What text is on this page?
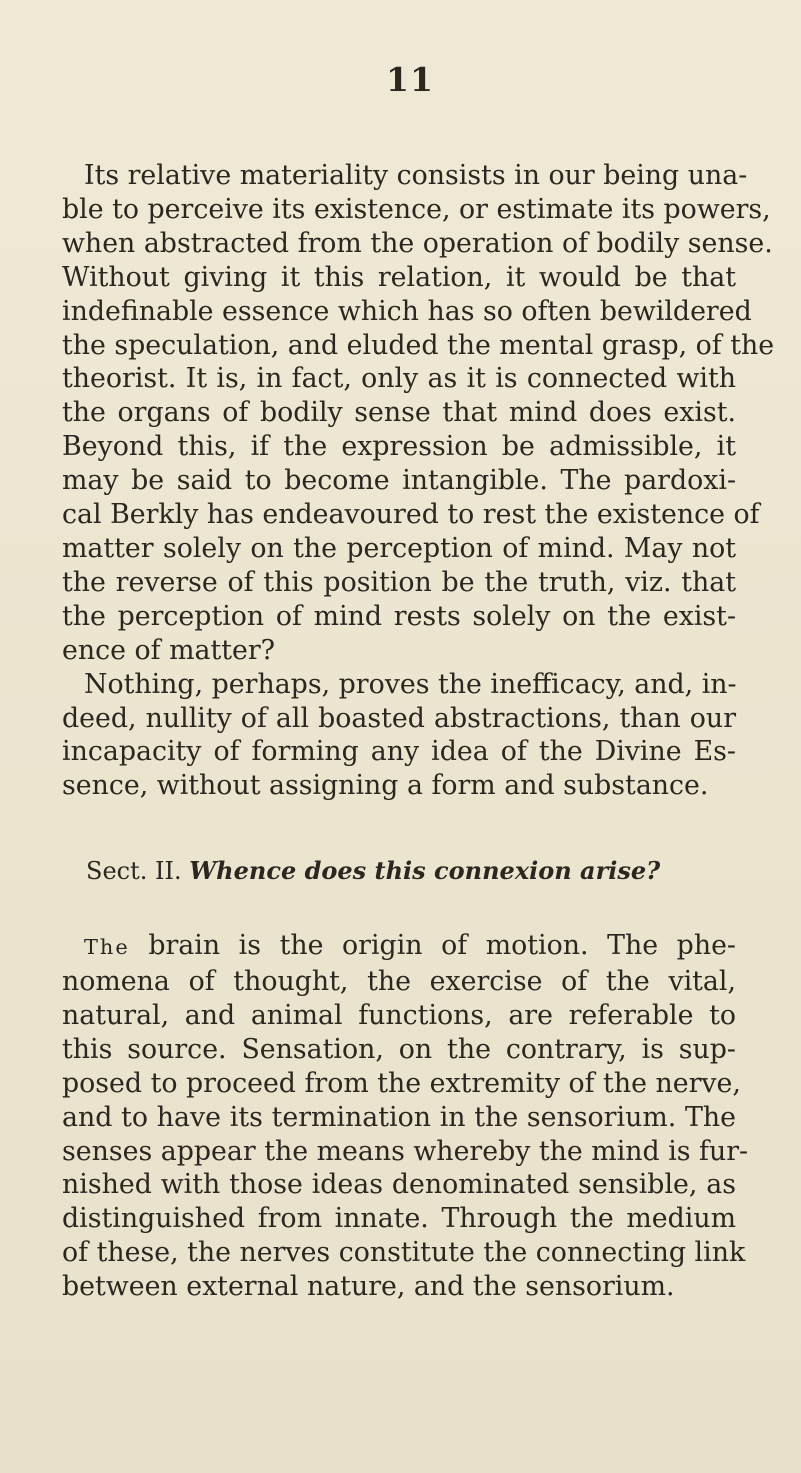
11
Its relative materiality consists in our being una-
ble to perceive its existence, or estimate its powers,
when abstracted from the operation of bodily sense.
Without giving it this relation, it would be that
indefinable essence which has so often bewildered
the speculation, and eluded the mental grasp, of the
theorist. It is, in fact, only as it is connected with
the organs of bodily sense that mind does exist.
Beyond this, if the expression be admissible, it
may be said to become intangible. The pardoxi-
cal Berkly has endeavoured to rest the existence of
matter solely on the perception of mind. May not
the reverse of this position be the truth, viz. that
the perception of mind rests solely on the exist-
ence of matter?
Nothing, perhaps, proves the inefficacy, and, in-
deed, nullity of all boasted abstractions, than our
incapacity of forming any idea of the Divine Es-
sence, without assigning a form and substance.
Sect. II. Whence does this connexion arise?
The brain is the origin of motion. The phe-
nomena of thought, the exercise of the vital,
natural, and animal functions, are referable to
this source. Sensation, on the contrary, is sup-
posed to proceed from the extremity of the nerve,
and to have its termination in the sensorium. The
senses appear the means whereby the mind is fur-
nished with those ideas denominated sensible, as
distinguished from innate. Through the medium
of these, the nerves constitute the connecting link
between external nature, and the sensorium.
